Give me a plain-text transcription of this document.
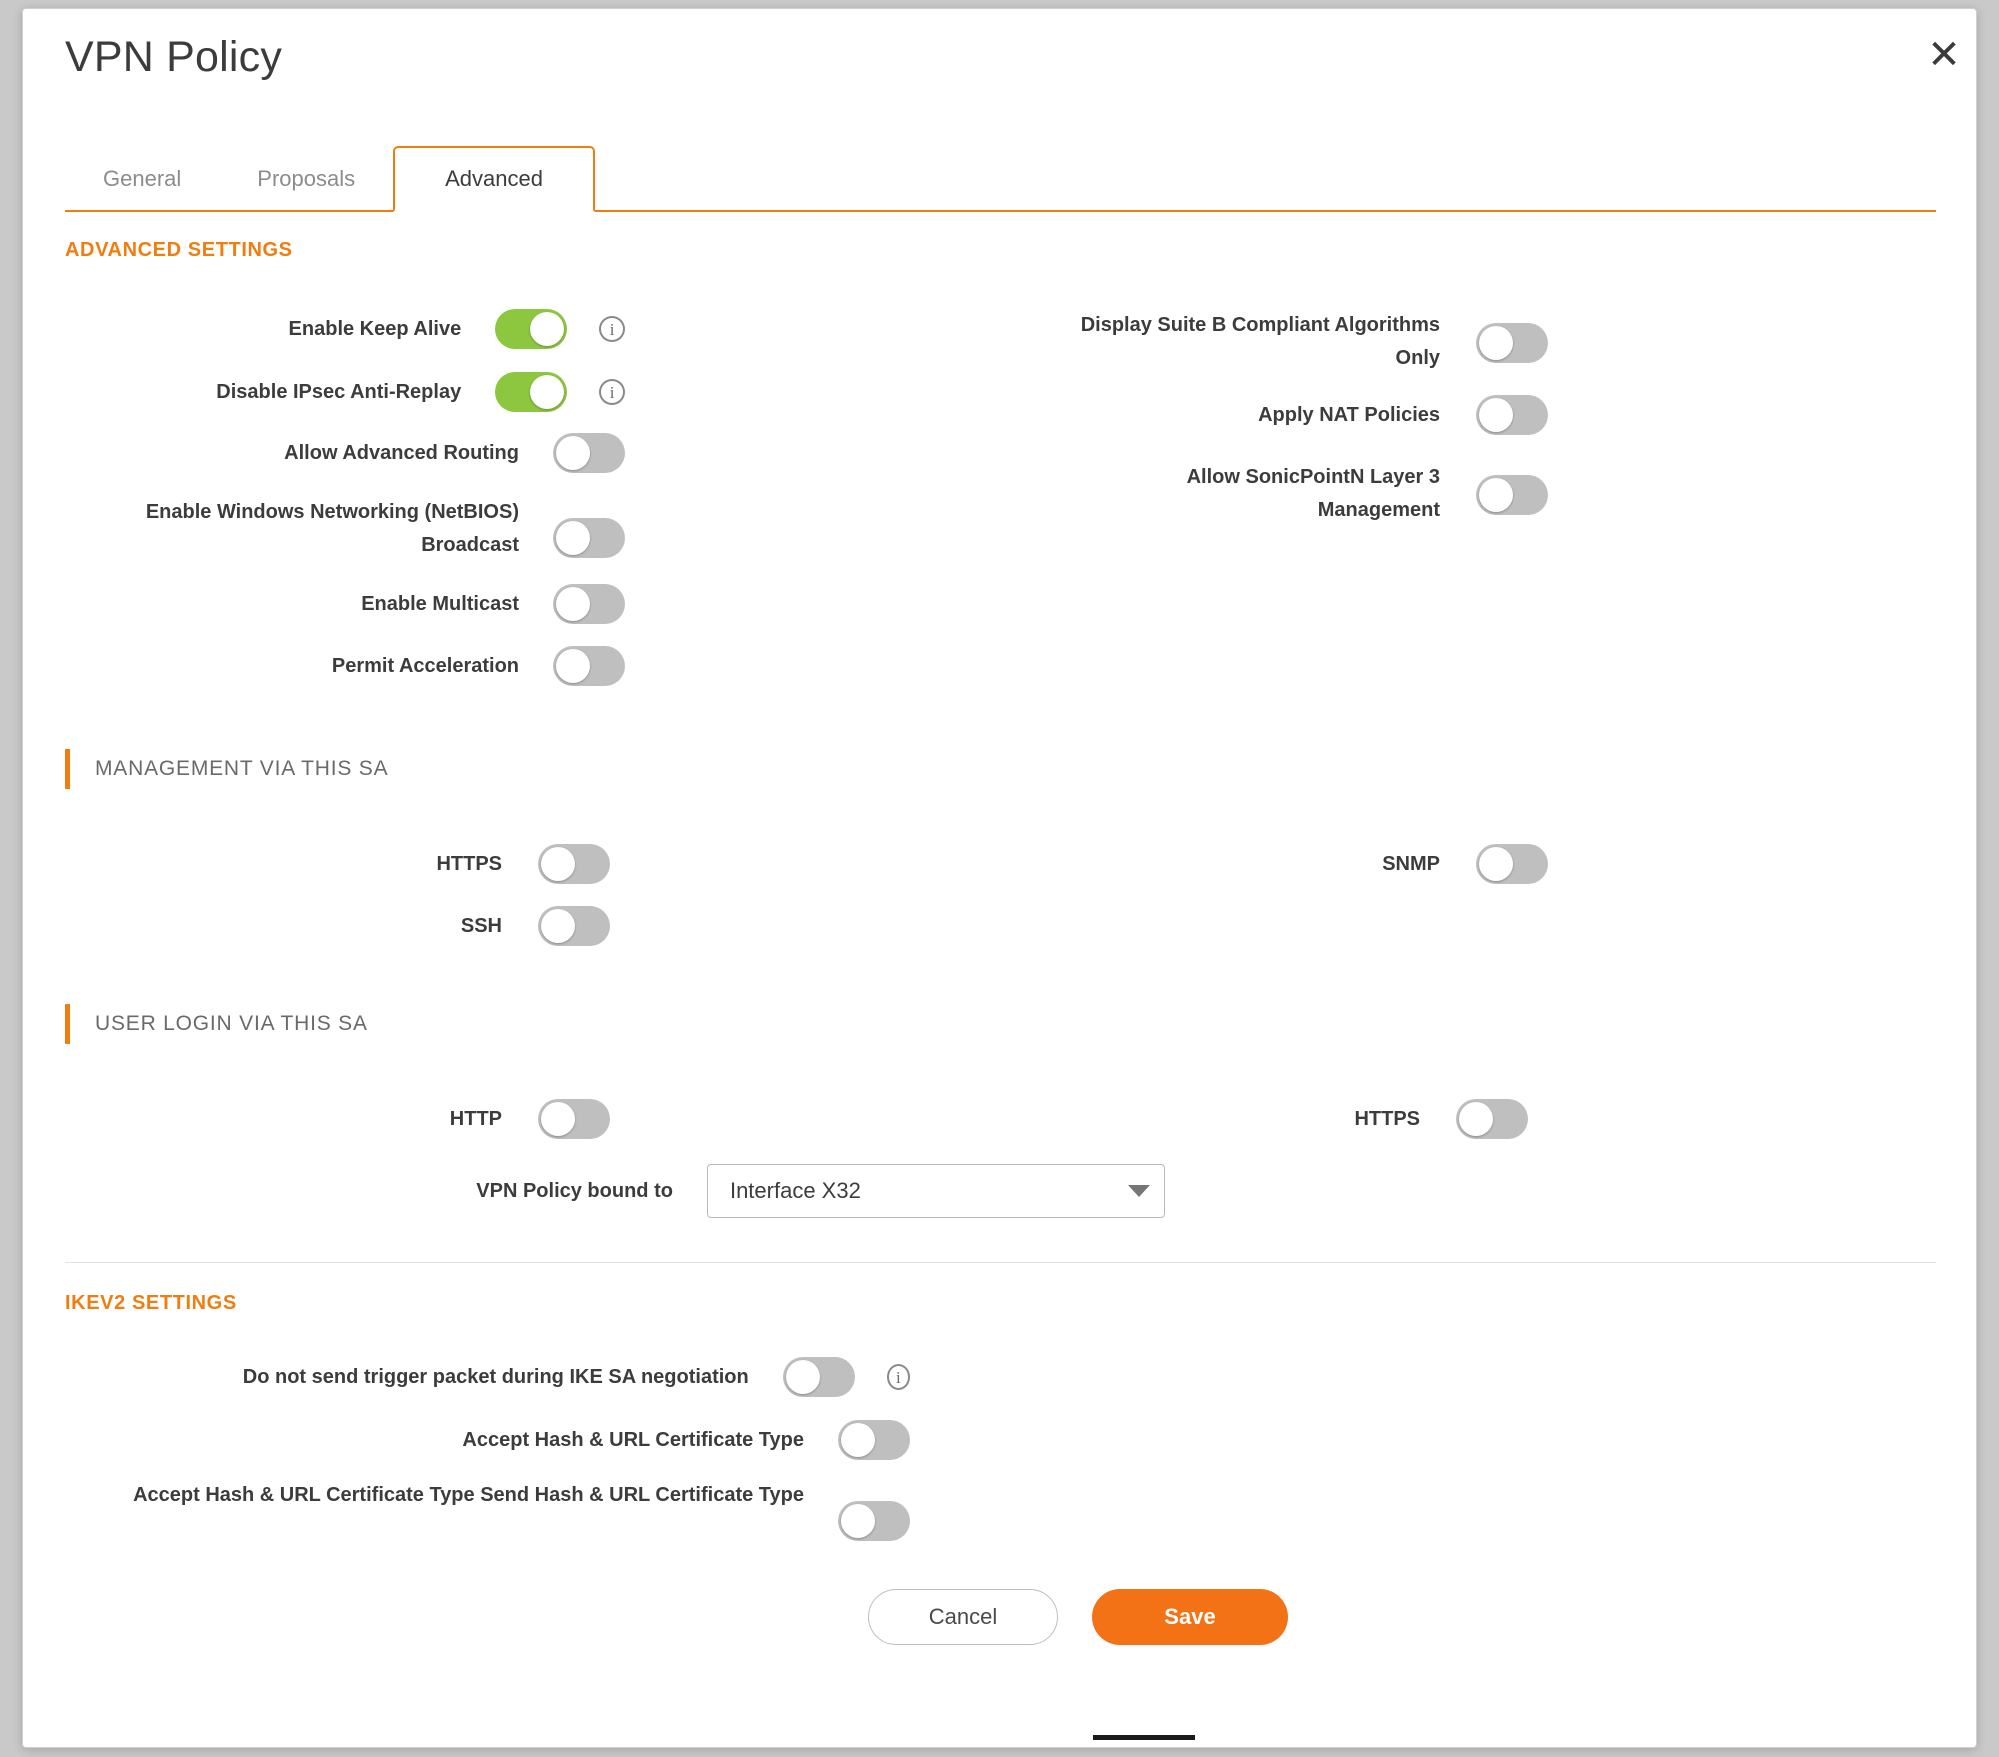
✕
VPN Policy
General	Proposals	Advanced
ADVANCED SETTINGS
Enable Keep Alive	i
Disable IPsec Anti-Replay	i
Allow Advanced Routing
Enable Windows Networking (NetBIOS) Broadcast
Enable Multicast
Permit Acceleration
Display Suite B Compliant Algorithms Only
Apply NAT Policies
Allow SonicPointN Layer 3 Management
MANAGEMENT VIA THIS SA
HTTPS
SSH
SNMP
USER LOGIN VIA THIS SA
HTTP	HTTPS
VPN Policy bound to	Interface X32
IKEV2 SETTINGS
Do not send trigger packet during IKE SA negotiation	i
Accept Hash & URL Certificate Type
Accept Hash & URL Certificate Type Send Hash & URL Certificate Type
Cancel	Save
